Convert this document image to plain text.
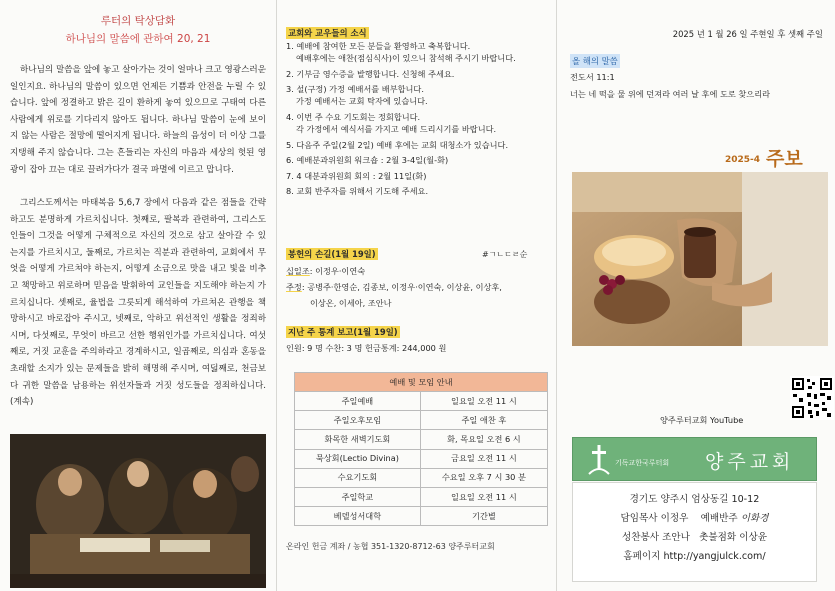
루터의 탁상담화
하나님의 말씀에 관하여 20, 21

하나님의 말씀을 앞에 놓고 살아가는 것이 얼마나 크고 영광스러운 일인지요. 하나님의 말씀이 있으면 언제든 기쁨과 안전을 누릴 수 있습니다. 앞에 정결하고 밝은 길이 환하게 놓여 있으므로 구태여 다른 사람에게 위로를 기다리지 않아도 됩니다. 하나님 말씀이 눈에 보이지 않는 사람은 절망에 떨어지게 됩니다. 하늘의 음성이 더 이상 그를 지탱해 주지 않습니다. 그는 흔들리는 자신의 마음과 세상의 헛된 영광이 잡아 끄는 대로 끌려가다가 결국 파멸에 이르고 맙니다.

그리스도께서는 마태복음 5,6,7 장에서 다음과 같은 점들을 간략하고도 분명하게 가르치십니다. 첫째로, 팔복과 관련하여, 그리스도인들이 그것을 어떻게 구체적으로 자신의 것으로 삼고 살아갈 수 있는지를 가르치시고, 둘째로, 가르치는 직분과 관련하여, 교회에서 무엇을 어떻게 가르쳐야 하는지, 어떻게 소금으로 맛을 내고 빛을 비추고 책망하고 위로하며 믿음을 발휘하여 교인들을 지도해야 하는지 가르치십니다. 셋째로, 율법을 그릇되게 해석하여 가르쳐온 관행을 책망하시고 바로잡아 주시고, 넷째로, 악하고 위선적인 생활을 정죄하시며, 다섯째로, 무엇이 바르고 선한 행위인가를 가르치십니다. 여섯째로, 거짓 교훈을 주의하라고 경계하시고, 일곱째로, 의심과 혼동을 초래할 소지가 있는 문제들을 밝히 해명해 주시며, 여덟째로, 천금보다 귀한 말씀을 남용하는 위선자들과 거짓 성도들을 정죄하십니다. (계속)

교회와 교우들의 소식
1. 예배에 참여한 모든 분들을 환영하고 축복합니다.
예배후에는 애찬(점심식사)이 있으니 참석해 주시기 바랍니다.
2. 기부금 영수증을 발행합니다. 신청해 주세요.
3. 설(구정) 가정 예배서를 배부합니다.
가정 예배서는 교회 탁자에 있습니다.
4. 이번 주 수요 기도회는 정회합니다.
각 가정에서 예식서를 가지고 예배 드리시기를 바랍니다.
5. 다음주 주일(2월 2일) 예배 후에는 교회 대청소가 있습니다.
6. 예배분과위원회 워크숍 : 2월 3-4일(월-화)
7. 4 대분과위원회 회의 : 2월 11일(화)
8. 교회 반주자를 위해서 기도해 주세요.
봉헌의 손길(1월 19일)	#ㄱㄴㄷㄹ순
십일조: 이정우·이연숙
주정: 공병주·한영순, 김종보, 이정우·이연숙, 이상윤, 이상후,
이상온, 이세아, 조안나
지난 주 통계 보고(1월 19일)
인원: 9 명 수찬: 3 명 헌금통계: 244,000 원
예배 및 모임 안내	
주일예배	일요일 오전 11 시
주일오후모임	주일 애찬 후
화목한 새벽기도회	화, 목요일 오전 6 시
묵상회(Lectio Divina)	금요일 오전 11 시
수요기도회	수요일 오후 7 시 30 분
주일학교	일요일 오전 11 시
베델성서대학	기간별
온라인 헌금 계좌 / 농협 351-1320-8712-63 양주루터교회
2025 년 1 월 26 일 주현일 후 셋째 주일
올 해의 말씀
전도서 11:1
너는 네 떡을 물 위에 던져라 여러 날 후에 도로 찾으리라
2025-4 주보
양주루터교회 YouTube
기독교한국루터회 양주교회
경기도 양주시 엄상동길 10-12
담임목사 이정우 예배반주 이화경
성찬봉사 조안나 촛불점화 이상윤
홈페이지 http://yangjulck.com/
